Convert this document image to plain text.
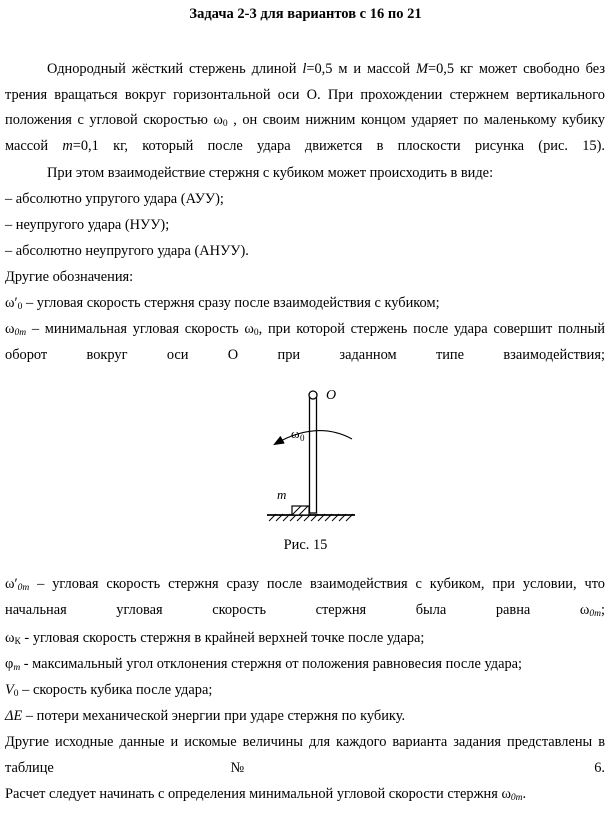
Задача 2-3 для вариантов с 16 по 21
Однородный жёсткий стержень длиной l=0,5 м и массой M=0,5 кг может свободно без трения вращаться вокруг горизонтальной оси О. При прохождении стержнем вертикального положения с угловой скоростью $\omega_0$ , он своим нижним концом ударяет по маленькому кубику массой m=0,1 кг, который после удара движется в плоскости рисунка (рис. 15).
При этом взаимодействие стержня с кубиком может происходить в виде:
– абсолютно упругого удара (АУУ);
– неупругого удара (НУУ);
– абсолютно неупругого удара (АНУУ).
Другие обозначения:
$\omega'_0$ – угловая скорость стержня сразу после взаимодействия с кубиком;
$\omega_{0m}$ – минимальная угловая скорость $\omega_0$, при которой стержень после удара совершит полный оборот вокруг оси О при заданном типе взаимодействия;
O
ω 0
m
Рис. 15
$\omega'_{0m}$ – угловая скорость стержня сразу после взаимодействия с кубиком, при условии, что начальная угловая скорость стержня была равна $\omega_{0m}$;
$\omega_К$ - угловая скорость стержня в крайней верхней точке после удара;
$\varphi_m$ - максимальный угол отклонения стержня от положения равновесия после удара;
$V_0$ – скорость кубика после удара;
ΔE – потери механической энергии при ударе стержня по кубику.
Другие исходные данные и искомые величины для каждого варианта задания представлены в таблице № 6.
Расчет следует начинать с определения минимальной угловой скорости стержня $\omega_{0m}$.
